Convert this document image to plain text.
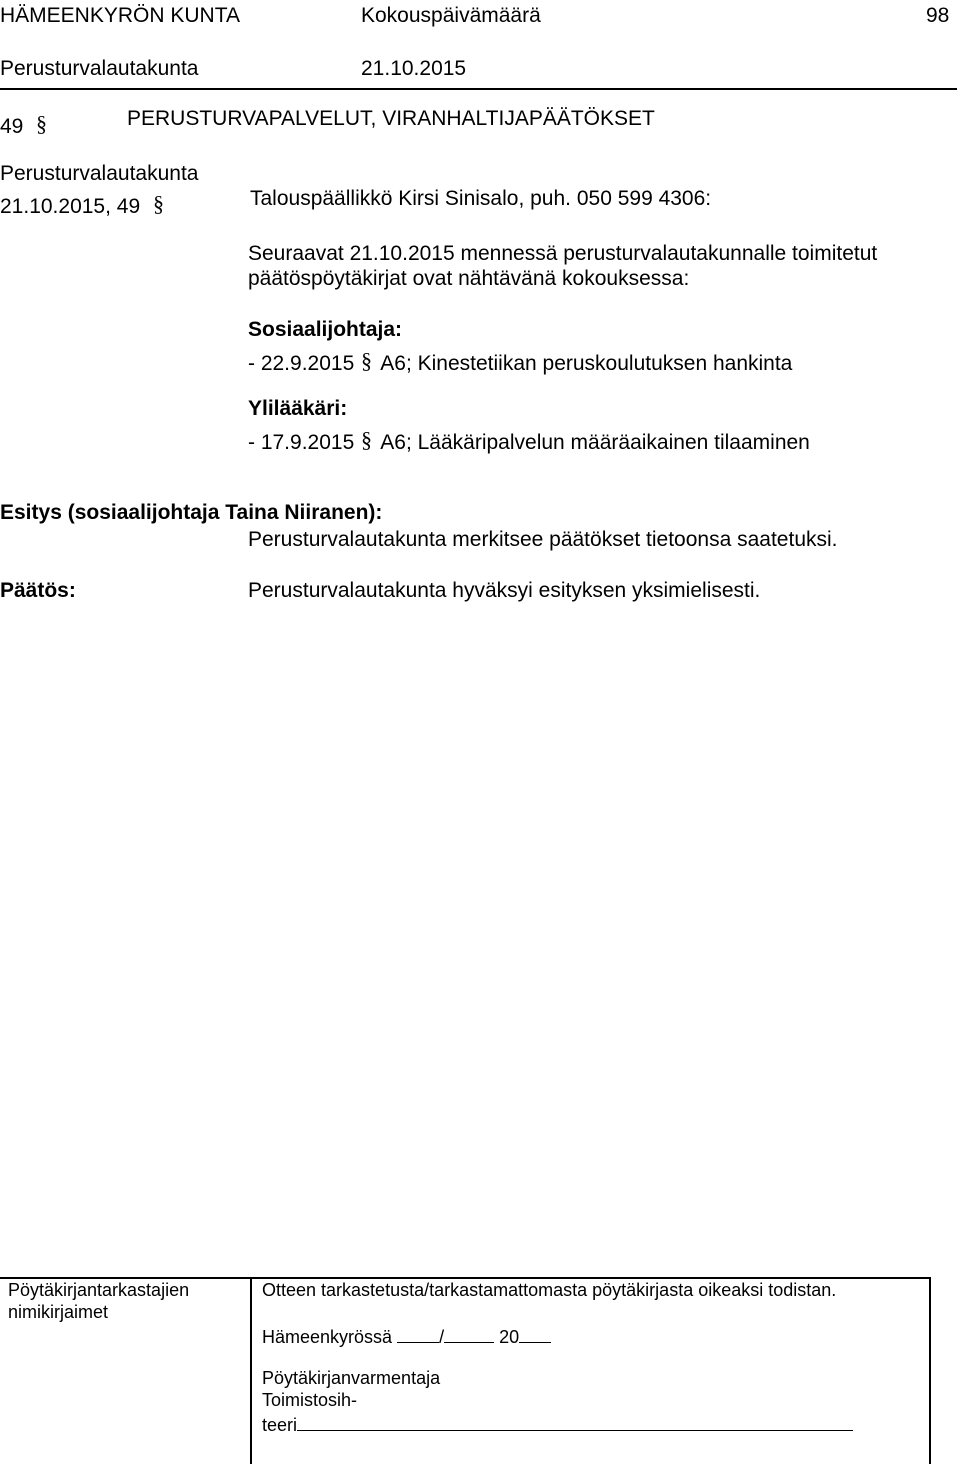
HÄMEENKYRÖN KUNTA	Kokouspäivämäärä	98
Perusturvalautakunta	21.10.2015
49 §	PERUSTURVAPALVELUT, VIRANHALTIJAPÄÄTÖKSET
Perusturvalautakunta
21.10.2015, 49 §	Talouspäällikkö Kirsi Sinisalo, puh. 050 599 4306:
Seuraavat 21.10.2015 mennessä perusturvalautakunnalle toimitetut
päätöspöytäkirjat ovat nähtävänä kokouksessa:
Sosiaalijohtaja:
- 22.9.2015 § A6; Kinestetiikan peruskoulutuksen hankinta
Ylilääkäri:
- 17.9.2015 § A6; Lääkäripalvelun määräaikainen tilaaminen
Esitys (sosiaalijohtaja Taina Niiranen):
Perusturvalautakunta merkitsee päätökset tietoonsa saatetuksi.
Päätös:	Perusturvalautakunta hyväksyi esityksen yksimielisesti.
Pöytäkirjantarkastajien
nimikirjaimet
Otteen tarkastetusta/tarkastamattomasta pöytäkirjasta oikeaksi todistan.
Hämeenkyrössä	/	20
Pöytäkirjanvarmentaja
Toimistosih-
teeri
